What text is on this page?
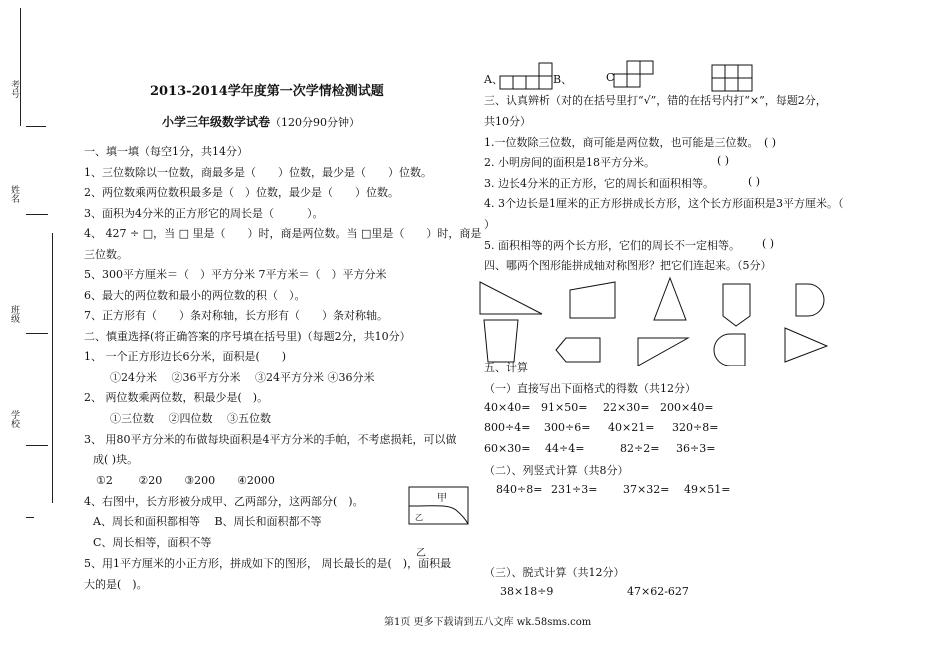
考号
姓名
班级
学校
2013-2014学年度第一次学情检测试题
小学三年级数学试卷（120分90分钟）
一、填一填（每空1分，共14分）
1、三位数除以一位数，商最多是（　　）位数，最少是（　　）位数。
2、两位数乘两位数积最多是（　）位数，最少是（　　）位数。
3、面积为4分米的正方形它的周长是（　　　）。
4、 427 ÷ □，当 □ 里是（　　）时，商是两位数。当 □里是（　　）时，商是
三位数。
5、300平方厘米＝（　）平方分米 7平方米＝（　）平方分米
6、最大的两位数和最小的两位数的积（　）。
7、正方形有（　　）条对称轴，长方形有（　　）条对称轴。
二、慎重选择(将正确答案的序号填在括号里)（每题2分，共10分）
1、 一个正方形边长6分米，面积是(　　)
①24分米　 ②36平方分米　 ③24平方分米 ④36分米
2、 两位数乘两位数，积最少是(　)。
①三位数　 ②四位数　 ③五位数
3、 用80平方分米的布做每块面积是4平方分米的手帕，不考虑损耗，可以做
成( )块。
①2　　 ②20　　③200　　④2000
4、右图中，长方形被分成甲、乙两部分，这两部分(　)。
A、周长和面积都相等　 B、周长和面积都不等
C、周长相等，面积不等
甲
乙
乙
5、用1平方厘米的小正方形，拼成如下的图形， 周长最长的是(　)，面积最
大的是(　)。
A、	B、	C
三、认真辨析（对的在括号里打“√”，错的在括号内打“×”，每题2分，
共10分）
1.一位数除三位数，商可能是两位数，也可能是三位数。　( )
2. 小明房间的面积是18平方分米。	( )
3. 边长4分米的正方形，它的周长和面积相等。	( )
4. 3个边长是1厘米的正方形拼成长方形，这个长方形面积是3平方厘米。（
）
5. 面积相等的两个长方形，它们的周长不一定相等。 ( )
四、哪两个图形能拼成轴对称图形？把它们连起来。（5分）
五、计算
（一）直接写出下面格式的得数（共12分）
40×40= 91×50= 22×30= 200×40=
800÷4= 300÷6= 40×21= 320÷8=
60×30= 44÷4=	82÷2= 36÷3=
（二）、列竖式计算（共8分）
840÷8= 231÷3= 37×32= 49×51=
（三）、脱式计算（共12分）
38×18÷9	47×62-627
第1页 更多下载请到五八文库 wk.58sms.com
